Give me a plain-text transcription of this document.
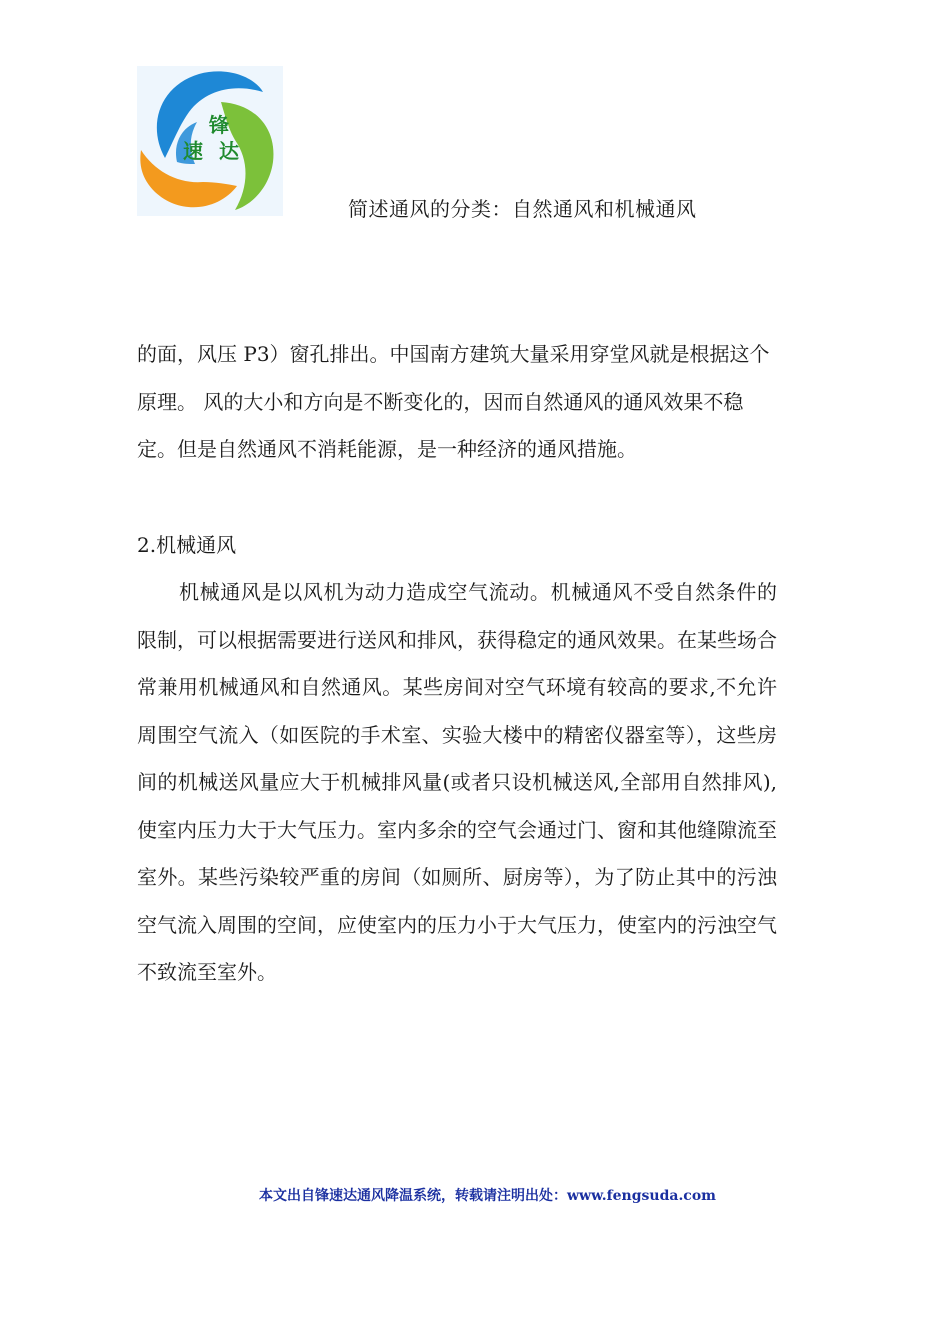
锋
速 达
简述通风的分类：自然通风和机械通风
的面，风压 P3）窗孔排出。中国南方建筑大量采用穿堂风就是根据这个原理。 风的大小和方向是不断变化的，因而自然通风的通风效果不稳定。但是自然通风不消耗能源，是一种经济的通风措施。
2.机械通风
机械通风是以风机为动力造成空气流动。机械通风不受自然条件的限制，可以根据需要进行送风和排风，获得稳定的通风效果。在某些场合常兼用机械通风和自然通风。某些房间对空气环境有较高的要求,不允许周围空气流入（如医院的手术室、实验大楼中的精密仪器室等），这些房间的机械送风量应大于机械排风量(或者只设机械送风,全部用自然排风),使室内压力大于大气压力。室内多余的空气会通过门、窗和其他缝隙流至室外。某些污染较严重的房间（如厕所、厨房等），为了防止其中的污浊空气流入周围的空间，应使室内的压力小于大气压力，使室内的污浊空气不致流至室外。
本文出自锋速达通风降温系统，转载请注明出处：www.fengsuda.com
